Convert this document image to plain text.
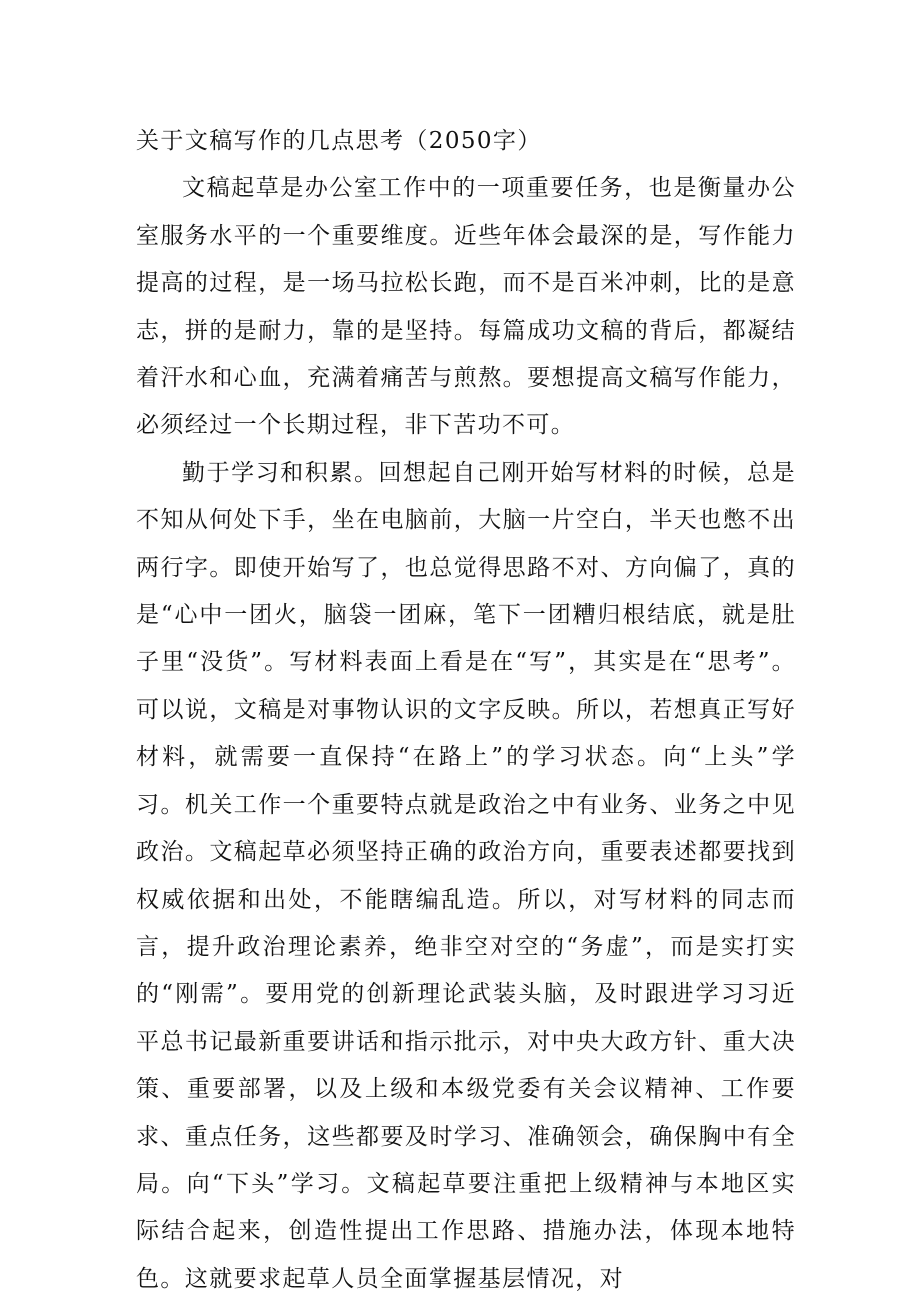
关于文稿写作的几点思考（2050字）

文稿起草是办公室工作中的一项重要任务，也是衡量办公室服务水平的一个重要维度。近些年体会最深的是，写作能力提高的过程，是一场马拉松长跑，而不是百米冲刺，比的是意志，拼的是耐力，靠的是坚持。每篇成功文稿的背后，都凝结着汗水和心血，充满着痛苦与煎熬。要想提高文稿写作能力，必须经过一个长期过程，非下苦功不可。

勤于学习和积累。回想起自己刚开始写材料的时候，总是不知从何处下手，坐在电脑前，大脑一片空白，半天也憋不出两行字。即使开始写了，也总觉得思路不对、方向偏了，真的是“心中一团火，脑袋一团麻，笔下一团糟归根结底，就是肚子里“没货”。写材料表面上看是在“写”，其实是在“思考”。可以说，文稿是对事物认识的文字反映。所以，若想真正写好材料，就需要一直保持“在路上”的学习状态。向“上头”学习。机关工作一个重要特点就是政治之中有业务、业务之中见政治。文稿起草必须坚持正确的政治方向，重要表述都要找到权威依据和出处，不能瞎编乱造。所以，对写材料的同志而言，提升政治理论素养，绝非空对空的“务虚”，而是实打实的“刚需”。要用党的创新理论武装头脑，及时跟进学习习近平总书记最新重要讲话和指示批示，对中央大政方针、重大决策、重要部署，以及上级和本级党委有关会议精神、工作要求、重点任务，这些都要及时学习、准确领会，确保胸中有全局。向“下头”学习。文稿起草要注重把上级精神与本地区实际结合起来，创造性提出工作思路、措施办法，体现本地特色。这就要求起草人员全面掌握基层情况，对
